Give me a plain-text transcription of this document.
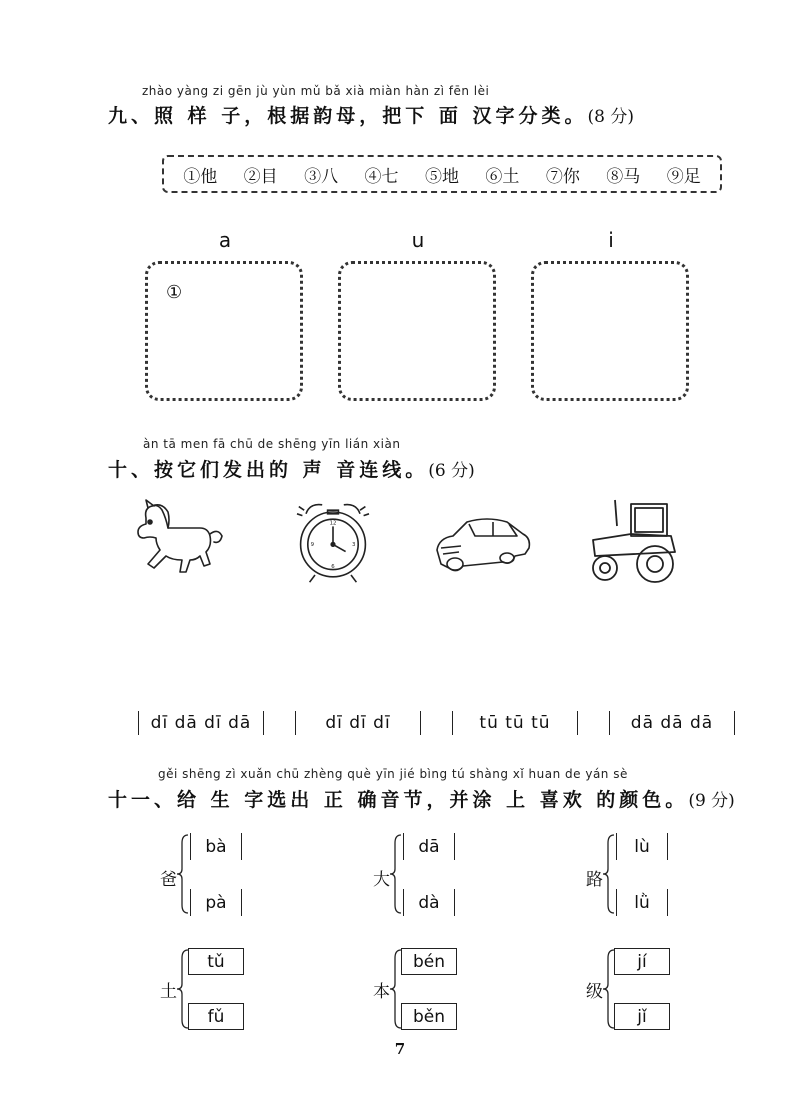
zhào yàng zi gēn jù yùn mǔ bǎ xià miàn hàn zì fēn lèi
九、照 样 子，根据韵母，把下 面 汉字分类。(8 分)
①他 ②目 ③八 ④七 ⑤地 ⑥土 ⑦你 ⑧马 ⑨足
a	u	i
①
àn tā men fā chū de shēng yīn lián xiàn
十、按它们发出的 声 音连线。(6 分)
12
3
6
9
dī dā dī dā	dī dī dī	tū tū tū	dā dā dā
gěi shēng zì xuǎn chū zhèng què yīn jié bìng tú shàng xǐ huan de yán sè
十一、给 生 字选出 正 确音节，并涂 上 喜欢 的颜色。(9 分)
爸
bà
pà
大
dā
dà
路
lù
lǜ
土
tǔ
fǔ
本
bén
běn
级
jí
jǐ
7
